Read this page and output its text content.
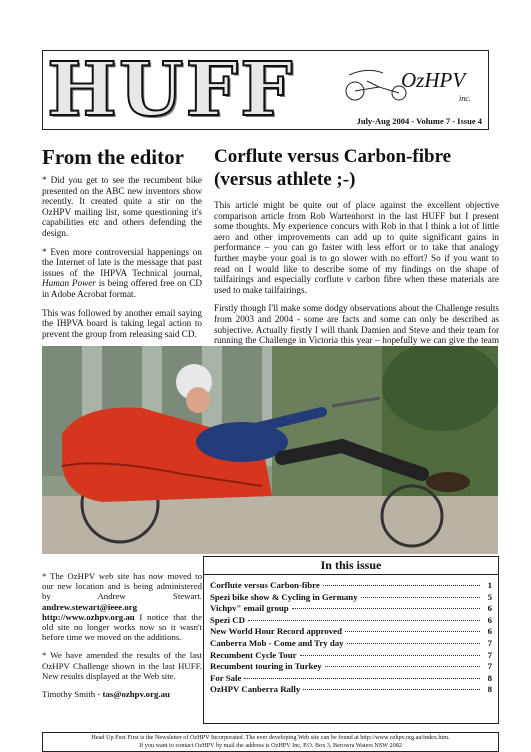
HUFF	OzHPV
inc.
July-Aug 2004 - Volume 7 - Issue 4
From the editor

* Did you get to see the recumbent bike presented on the ABC new inventors show recently. It created quite a stir on the OzHPV mailing list, some questioning it's capabilities etc and others defending the design.

* Even more controversial happenings on the Internet of late is the message that past issues of the IHPVA Technical journal, Human Power is being offered free on CD in Adobe Acrobat format.

This was followed by another email saying the IHPVA board is taking legal action to prevent the group from releasing said CD.

Corflute versus Carbon-fibre (versus athlete ;-)

This article might be quite out of place against the excellent objective comparison article from Rob Wartenhorst in the last HUFF but I present some thoughts. My experience concurs with Rob in that I think a lot of little aero and other improvements can add up to quite significant gains in performance – you can go faster with less effort or to take that analogy further maybe your goal is to go slower with no effort? So if you want to read on I would like to describe some of my findings on the shape of tailfairings and especially corflute v carbon fibre when these materials are used to make tailfairings.

Firstly though I'll make some dodgy observations about the Challenge results from 2003 and 2004 - some are facts and some can only be described as subjective. Actually firstly I will thank Damien and Steve and their team for running the Challenge in Victoria this year – hopefully we can give the team

* The OzHPV web site has now moved to our new location and is being administered by Andrew Stewart. andrew.stewart@ieee.org http://www.ozhpv.org.au I notice that the old site no longer works now so it wasn't before time we moved on the additions.

* We have amended the results of the last OzHPV Challenge shown in the last HUFF. New results displayed at the Web site.

Timothy Smith - tas@ozhpv.org.au

In this issue
Corflute versus Carbon-fibre	1
Spezi bike show & Cycling in Germany	5
Vichpv" email group	6
Spezi CD	6
New World Hour Record approved	6
Canberra Mob - Come and Try day	7
Recumbent Cycle Tour	7
Recumbent touring in Turkey	7
For Sale	8
OzHPV Canberra Rally	8
Head Up Feet First is the Newsletter of OzHPV Incorporated. The ever developing Web site can be found at http://www.ozhpv.org.au/index.htm.
If you want to contact OzHPV by mail the address is OzHPV Inc, P.O. Box 3, Berowra Waters NSW 2082
